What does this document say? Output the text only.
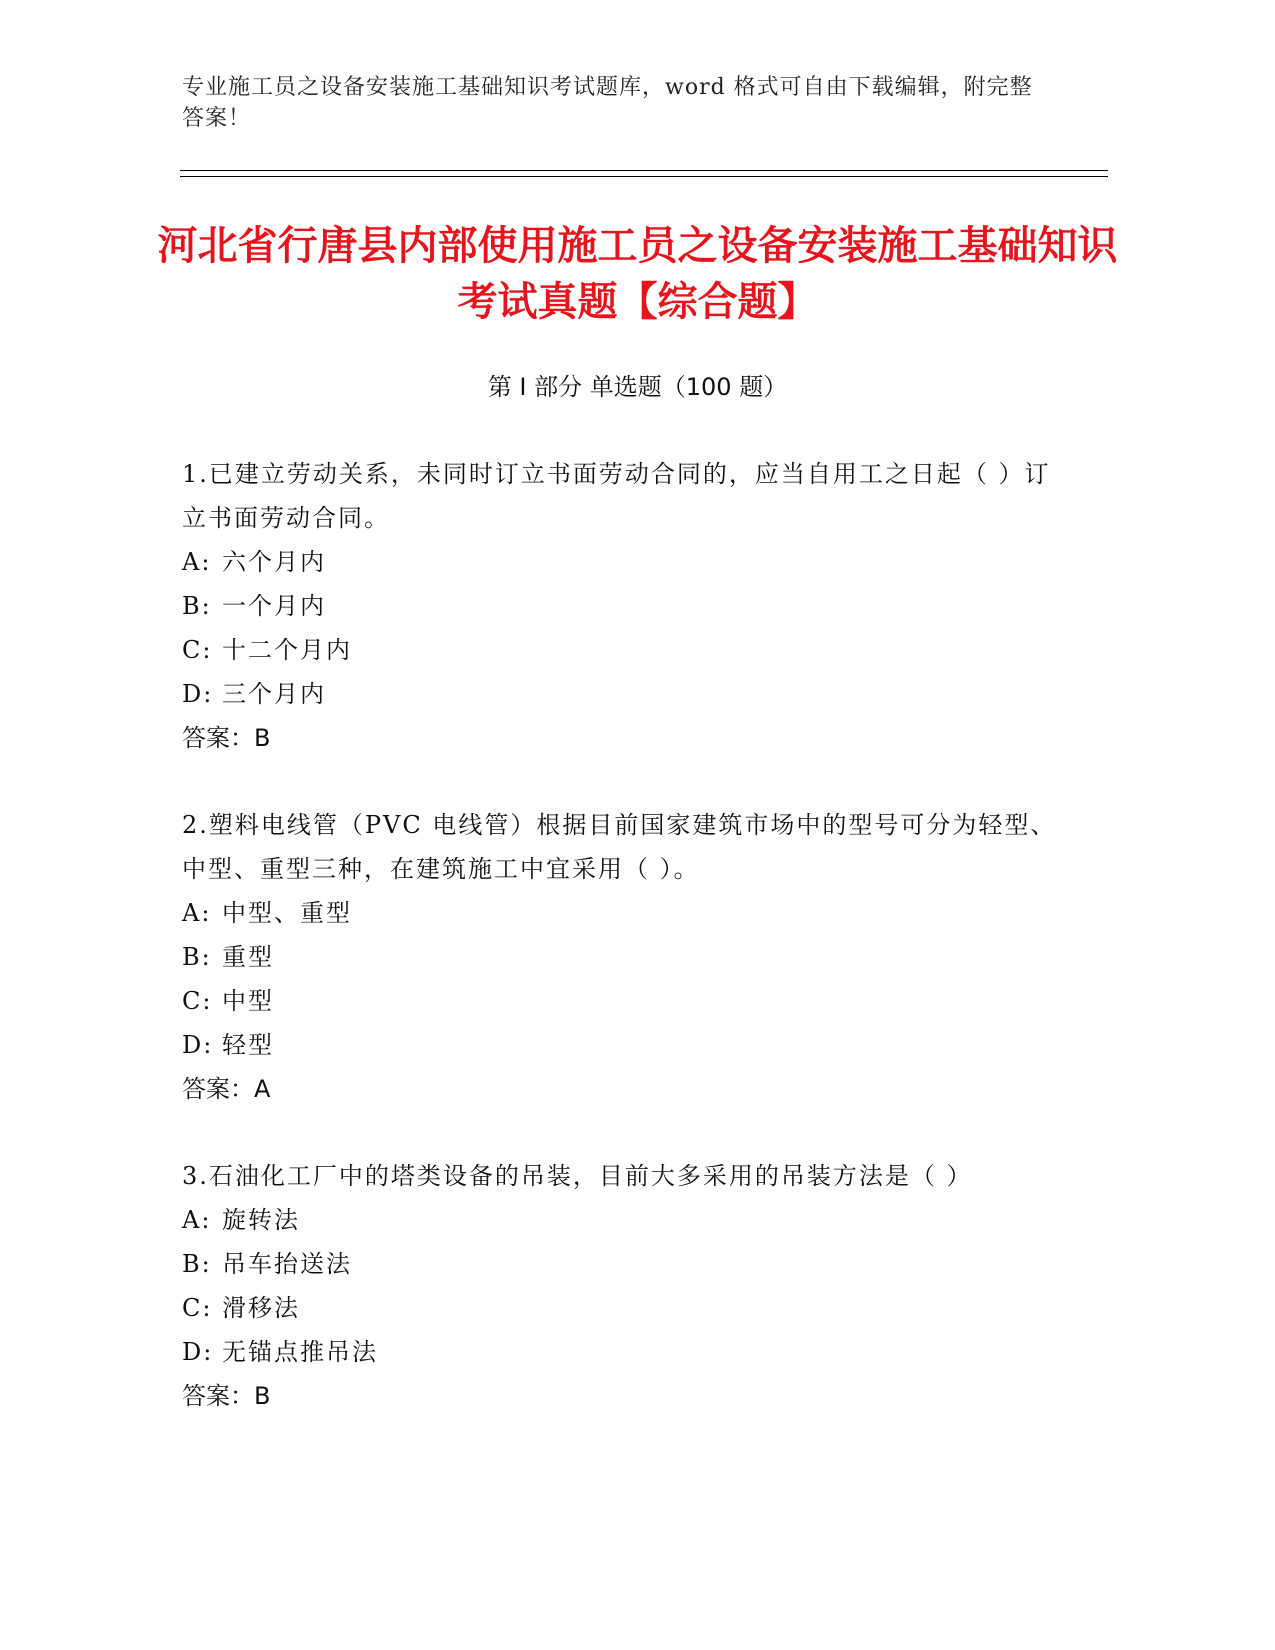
专业施工员之设备安装施工基础知识考试题库，word 格式可自由下载编辑，附完整答案！
河北省行唐县内部使用施工员之设备安装施工基础知识考试真题【综合题】
第 I 部分 单选题（100 题）
1.已建立劳动关系，未同时订立书面劳动合同的，应当自用工之日起（ ）订立书面劳动合同。
A: 六个月内
B: 一个月内
C: 十二个月内
D: 三个月内
答案：B
2.塑料电线管（PVC 电线管）根据目前国家建筑市场中的型号可分为轻型、中型、重型三种，在建筑施工中宜采用（ ）。
A: 中型、重型
B: 重型
C: 中型
D: 轻型
答案：A
3.石油化工厂中的塔类设备的吊装，目前大多采用的吊装方法是（ ）
A: 旋转法
B: 吊车抬送法
C: 滑移法
D: 无锚点推吊法
答案：B
